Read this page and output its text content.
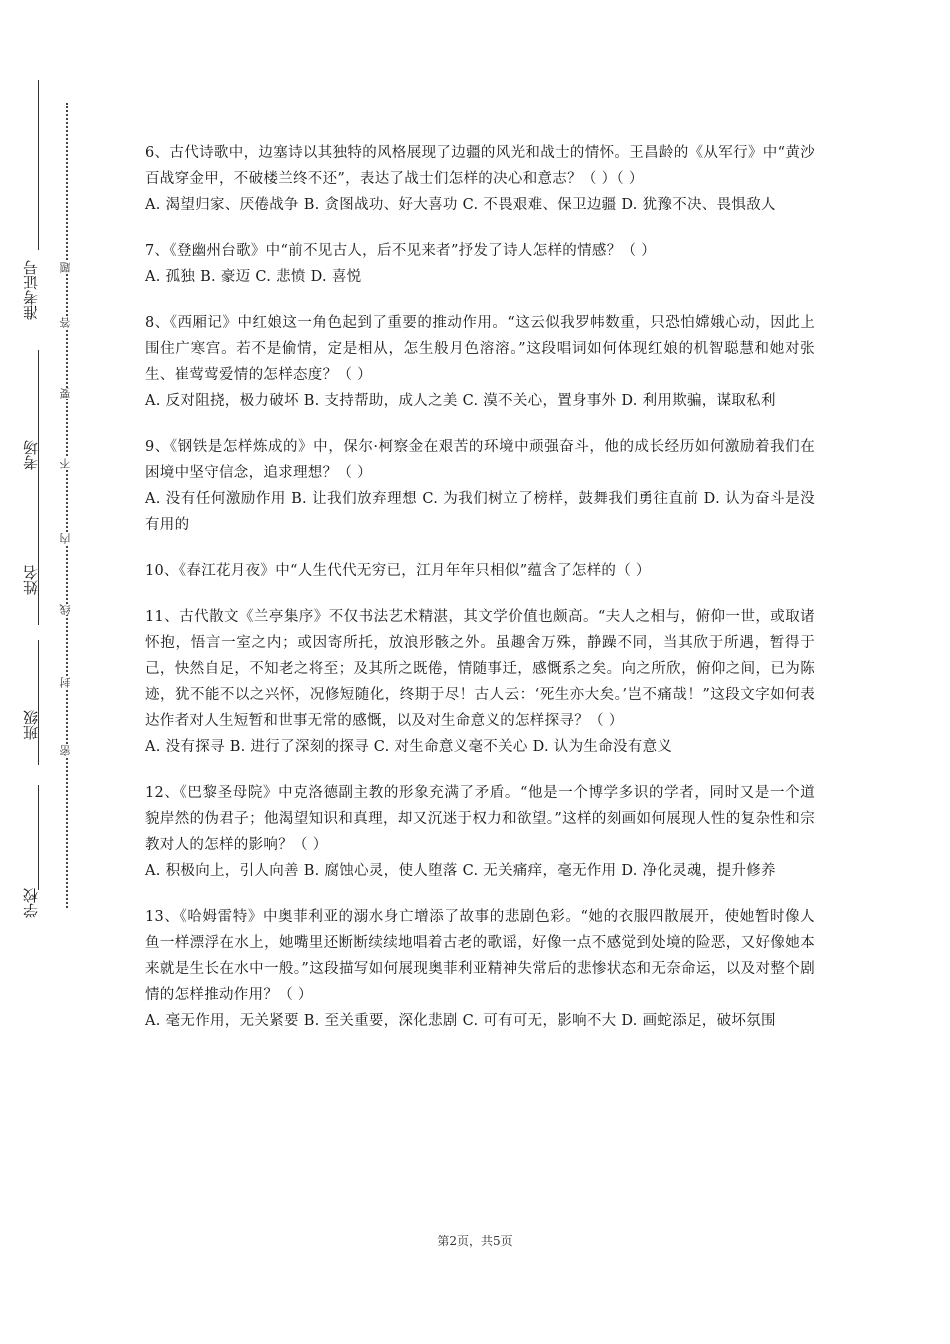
准考证号
考场
姓名
班级
学校
题
答
要
不
内
线
封
密
6、古代诗歌中，边塞诗以其独特的风格展现了边疆的风光和战士的情怀。王昌龄的《从军行》中“黄沙百战穿金甲，不破楼兰终不还”，表达了战士们怎样的决心和意志？（ ）（ ）
A. 渴望归家、厌倦战争 B. 贪图战功、好大喜功 C. 不畏艰难、保卫边疆 D. 犹豫不决、畏惧敌人
7、《登幽州台歌》中“前不见古人，后不见来者”抒发了诗人怎样的情感？（ ）
A. 孤独 B. 豪迈 C. 悲愤 D. 喜悦
8、《西厢记》中红娘这一角色起到了重要的推动作用。“这云似我罗帏数重，只恐怕嫦娥心动，因此上围住广寒宫。若不是偷情，定是相从，怎生般月色溶溶。”这段唱词如何体现红娘的机智聪慧和她对张生、崔莺莺爱情的怎样态度？（ ）
A. 反对阻挠，极力破坏 B. 支持帮助，成人之美 C. 漠不关心，置身事外 D. 利用欺骗，谋取私利
9、《钢铁是怎样炼成的》中，保尔·柯察金在艰苦的环境中顽强奋斗，他的成长经历如何激励着我们在困境中坚守信念，追求理想？（ ）
A. 没有任何激励作用 B. 让我们放弃理想 C. 为我们树立了榜样，鼓舞我们勇往直前 D. 认为奋斗是没有用的
10、《春江花月夜》中“人生代代无穷已，江月年年只相似”蕴含了怎样的（ ）
11、古代散文《兰亭集序》不仅书法艺术精湛，其文学价值也颇高。“夫人之相与，俯仰一世，或取诸怀抱，悟言一室之内；或因寄所托，放浪形骸之外。虽趣舍万殊，静躁不同，当其欣于所遇，暂得于己，快然自足，不知老之将至；及其所之既倦，情随事迁，感慨系之矣。向之所欣，俯仰之间，已为陈迹，犹不能不以之兴怀，况修短随化，终期于尽！古人云：‘死生亦大矣。’岂不痛哉！”这段文字如何表达作者对人生短暂和世事无常的感慨，以及对生命意义的怎样探寻？（ ）
A. 没有探寻 B. 进行了深刻的探寻 C. 对生命意义毫不关心 D. 认为生命没有意义
12、《巴黎圣母院》中克洛德副主教的形象充满了矛盾。“他是一个博学多识的学者，同时又是一个道貌岸然的伪君子；他渴望知识和真理，却又沉迷于权力和欲望。”这样的刻画如何展现人性的复杂性和宗教对人的怎样的影响？（ ）
A. 积极向上，引人向善 B. 腐蚀心灵，使人堕落 C. 无关痛痒，毫无作用 D. 净化灵魂，提升修养
13、《哈姆雷特》中奥菲利亚的溺水身亡增添了故事的悲剧色彩。“她的衣服四散展开，使她暂时像人鱼一样漂浮在水上，她嘴里还断断续续地唱着古老的歌谣，好像一点不感觉到处境的险恶，又好像她本来就是生长在水中一般。”这段描写如何展现奥菲利亚精神失常后的悲惨状态和无奈命运，以及对整个剧情的怎样推动作用？（ ）
A. 毫无作用，无关紧要 B. 至关重要，深化悲剧 C. 可有可无，影响不大 D. 画蛇添足，破坏氛围
第2页，共5页
